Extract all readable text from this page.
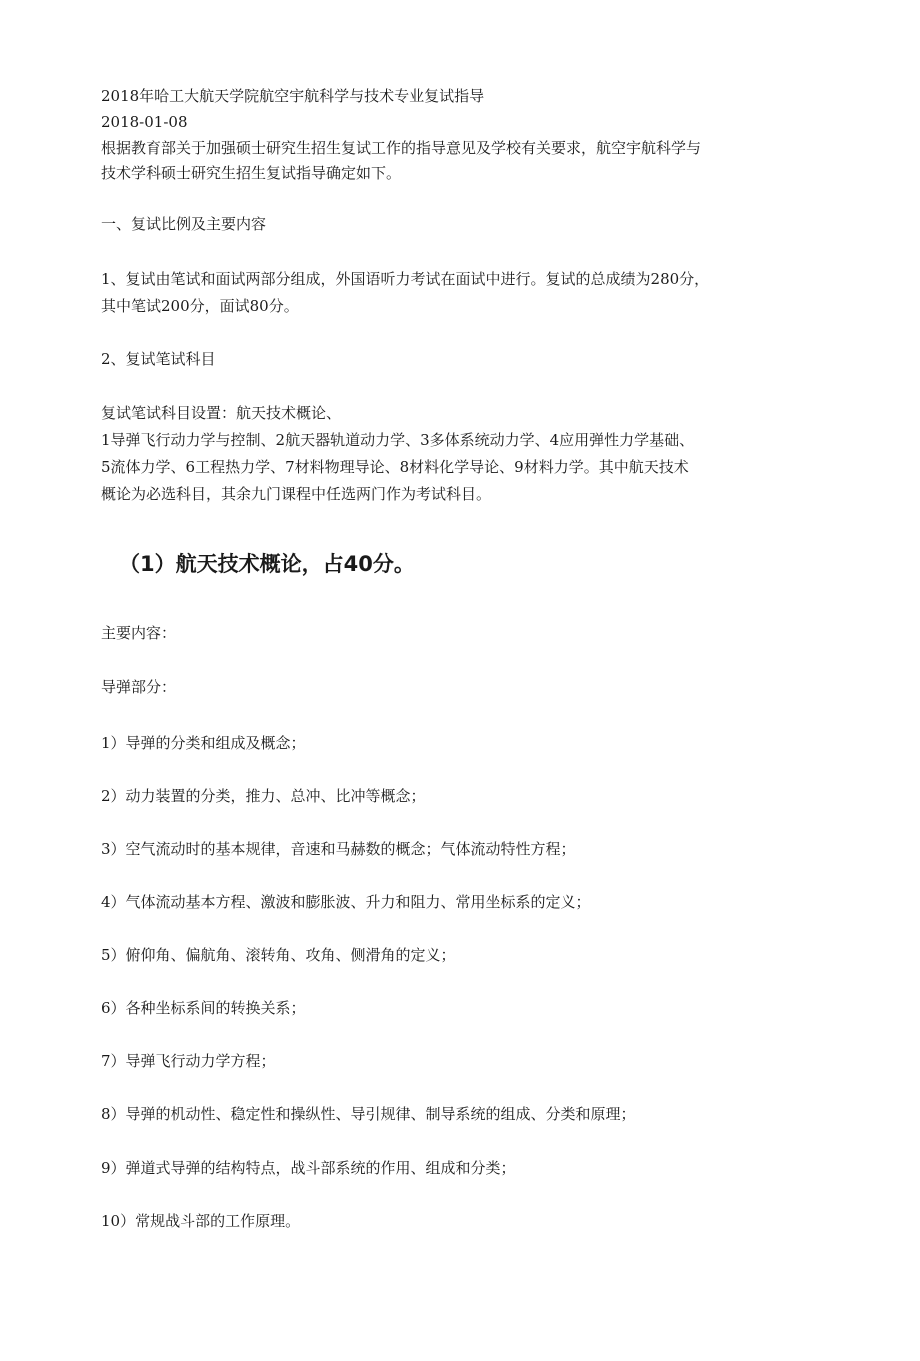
2018年哈工大航天学院航空宇航科学与技术专业复试指导
2018-01-08
根据教育部关于加强硕士研究生招生复试工作的指导意见及学校有关要求，航空宇航科学与
技术学科硕士研究生招生复试指导确定如下。
一、复试比例及主要内容
1、复试由笔试和面试两部分组成，外国语听力考试在面试中进行。复试的总成绩为280分，
其中笔试200分，面试80分。
2、复试笔试科目
复试笔试科目设置：航天技术概论、
1导弹飞行动力学与控制、2航天器轨道动力学、3多体系统动力学、4应用弹性力学基础、
5流体力学、6工程热力学、7材料物理导论、8材料化学导论、9材料力学。其中航天技术
概论为必选科目，其余九门课程中任选两门作为考试科目。
（1）航天技术概论，占40分。
主要内容：
导弹部分：
1）导弹的分类和组成及概念；
2）动力装置的分类，推力、总冲、比冲等概念；
3）空气流动时的基本规律，音速和马赫数的概念；气体流动特性方程；
4）气体流动基本方程、激波和膨胀波、升力和阻力、常用坐标系的定义；
5）俯仰角、偏航角、滚转角、攻角、侧滑角的定义；
6）各种坐标系间的转换关系；
7）导弹飞行动力学方程；
8）导弹的机动性、稳定性和操纵性、导引规律、制导系统的组成、分类和原理；
9）弹道式导弹的结构特点，战斗部系统的作用、组成和分类；
10）常规战斗部的工作原理。
